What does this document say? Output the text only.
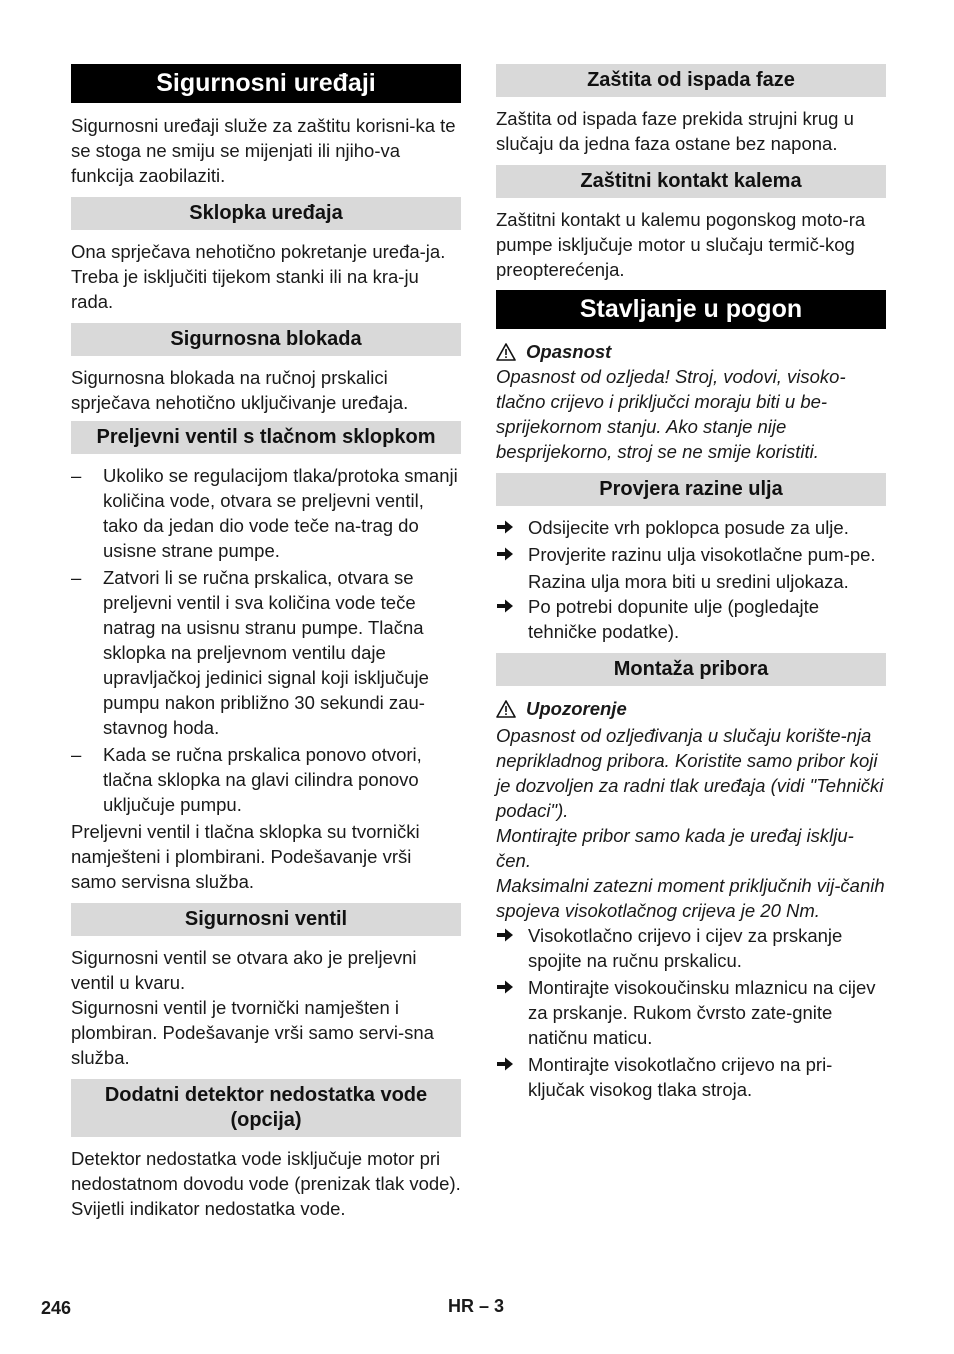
Sigurnosni uređaji

Sigurnosni uređaji služe za zaštitu korisni-ka te se stoga ne smiju se mijenjati ili njiho-va funkcija zaobilaziti.

Sklopka uređaja

Ona sprječava nehotično pokretanje uređa-ja. Treba je isključiti tijekom stanki ili na kra-ju rada.

Sigurnosna blokada

Sigurnosna blokada na ručnoj prskalici sprječava nehotično uključivanje uređaja.

Preljevni ventil s tlačnom sklopkom
–	Ukoliko se regulacijom tlaka/protoka smanji količina vode, otvara se preljevni ventil, tako da jedan dio vode teče na-trag do usisne strane pumpe.
–	Zatvori li se ručna prskalica, otvara se preljevni ventil i sva količina vode teče natrag na usisnu stranu pumpe. Tlačna sklopka na preljevnom ventilu daje upravljačkoj jedinici signal koji isključuje pumpu nakon približno 30 sekundi zau-stavnog hoda.
–	Kada se ručna prskalica ponovo otvori, tlačna sklopka na glavi cilindra ponovo uključuje pumpu.

Preljevni ventil i tlačna sklopka su tvornički namješteni i plombirani. Podešavanje vrši samo servisna služba.

Sigurnosni ventil

Sigurnosni ventil se otvara ako je preljevni ventil u kvaru.

Sigurnosni ventil je tvornički namješten i plombiran. Podešavanje vrši samo servi-sna služba.

Dodatni detektor nedostatka vode (opcija)

Detektor nedostatka vode isključuje motor pri nedostatnom dovodu vode (prenizak tlak vode).

Svijetli indikator nedostatka vode.

Zaštita od ispada faze

Zaštita od ispada faze prekida strujni krug u slučaju da jedna faza ostane bez napona.

Zaštitni kontakt kalema

Zaštitni kontakt u kalemu pogonskog moto-ra pumpe isključuje motor u slučaju termič-kog preopterećenja.

Stavljanje u pogon
Opasnost

Opasnost od ozljeda! Stroj, vodovi, visoko-tlačno crijevo i priključci moraju biti u be-sprijekornom stanju. Ako stanje nije besprijekorno, stroj se ne smije koristiti.

Provjera razine ulja
Odsijecite vrh poklopca posude za ulje.
Provjerite razinu ulja visokotlačne pum-pe.

Razina ulja mora biti u sredini uljokaza.

Po potrebi dopunite ulje (pogledajte tehničke podatke).
Montaža pribora
Upozorenje

Opasnost od ozljeđivanja u slučaju korište-nja neprikladnog pribora. Koristite samo pribor koji je dozvoljen za radni tlak uređaja (vidi "Tehnički podaci").

Montirajte pribor samo kada je uređaj isklju-čen.

Maksimalni zatezni moment priključnih vij-čanih spojeva visokotlačnog crijeva je 20 Nm.

Visokotlačno crijevo i cijev za prskanje spojite na ručnu prskalicu.
Montirajte visokoučinsku mlaznicu na cijev za prskanje. Rukom čvrsto zate-gnite natičnu maticu.
Montirajte visokotlačno crijevo na pri-ključak visokog tlaka stroja.
246	HR – 3
